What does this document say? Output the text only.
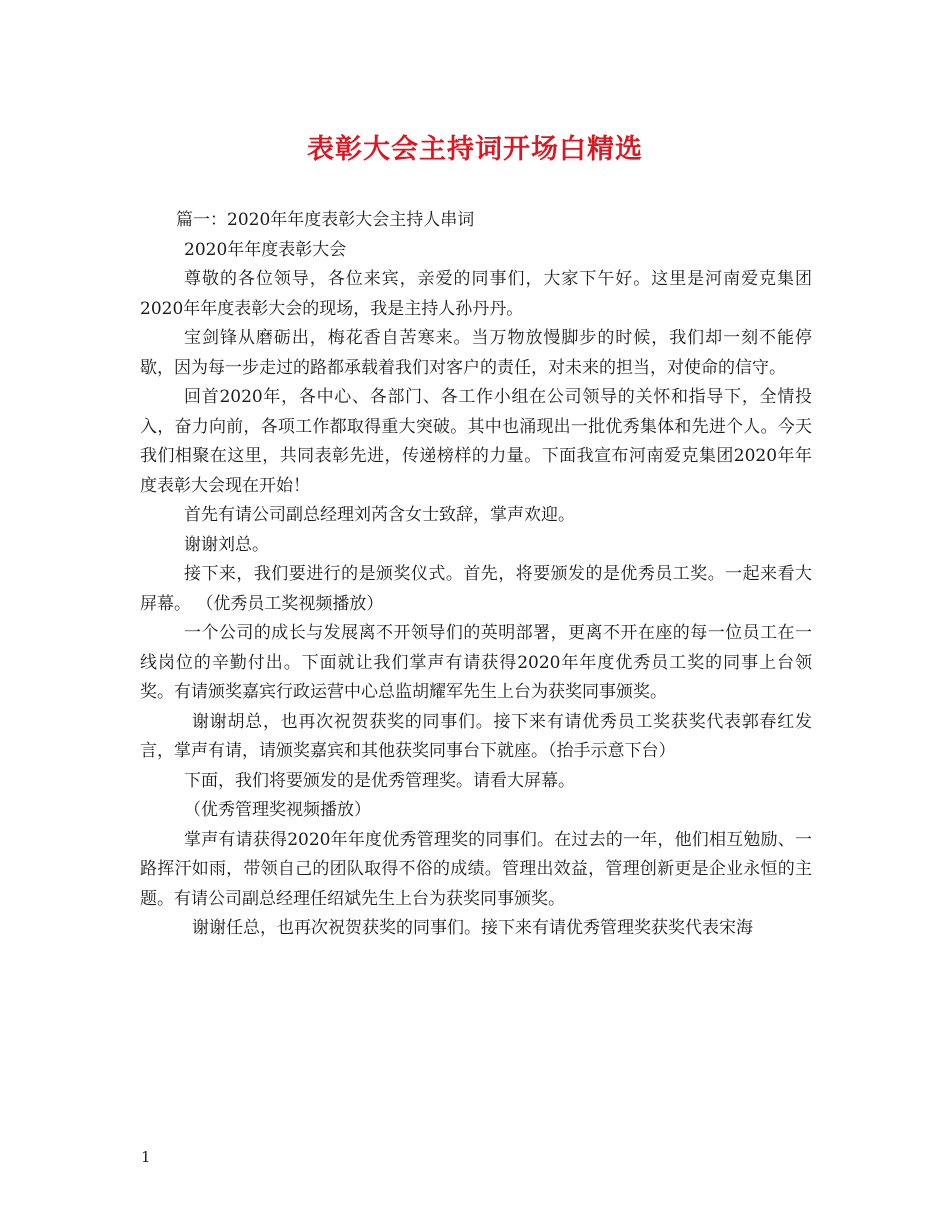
表彰大会主持词开场白精选

篇一：2020年年度表彰大会主持人串词

2020年年度表彰大会

尊敬的各位领导，各位来宾，亲爱的同事们，大家下午好。这里是河南爱克集团2020年年度表彰大会的现场，我是主持人孙丹丹。

宝剑锋从磨砺出，梅花香自苦寒来。当万物放慢脚步的时候，我们却一刻不能停歇，因为每一步走过的路都承载着我们对客户的责任，对未来的担当，对使命的信守。

回首2020年，各中心、各部门、各工作小组在公司领导的关怀和指导下，全情投入，奋力向前，各项工作都取得重大突破。其中也涌现出一批优秀集体和先进个人。今天我们相聚在这里，共同表彰先进，传递榜样的力量。下面我宣布河南爱克集团2020年年度表彰大会现在开始！

首先有请公司副总经理刘芮含女士致辞，掌声欢迎。

谢谢刘总。

接下来，我们要进行的是颁奖仪式。首先，将要颁发的是优秀员工奖。一起来看大屏幕。 （优秀员工奖视频播放）

一个公司的成长与发展离不开领导们的英明部署，更离不开在座的每一位员工在一线岗位的辛勤付出。下面就让我们掌声有请获得2020年年度优秀员工奖的同事上台领奖。有请颁奖嘉宾行政运营中心总监胡耀军先生上台为获奖同事颁奖。

谢谢胡总，也再次祝贺获奖的同事们。接下来有请优秀员工奖获奖代表郭春红发言，掌声有请，请颁奖嘉宾和其他获奖同事台下就座。（抬手示意下台）

下面，我们将要颁发的是优秀管理奖。请看大屏幕。

（优秀管理奖视频播放）

掌声有请获得2020年年度优秀管理奖的同事们。在过去的一年，他们相互勉励、一路挥汗如雨，带领自己的团队取得不俗的成绩。管理出效益，管理创新更是企业永恒的主题。有请公司副总经理任绍斌先生上台为获奖同事颁奖。

谢谢任总，也再次祝贺获奖的同事们。接下来有请优秀管理奖获奖代表宋海

1
